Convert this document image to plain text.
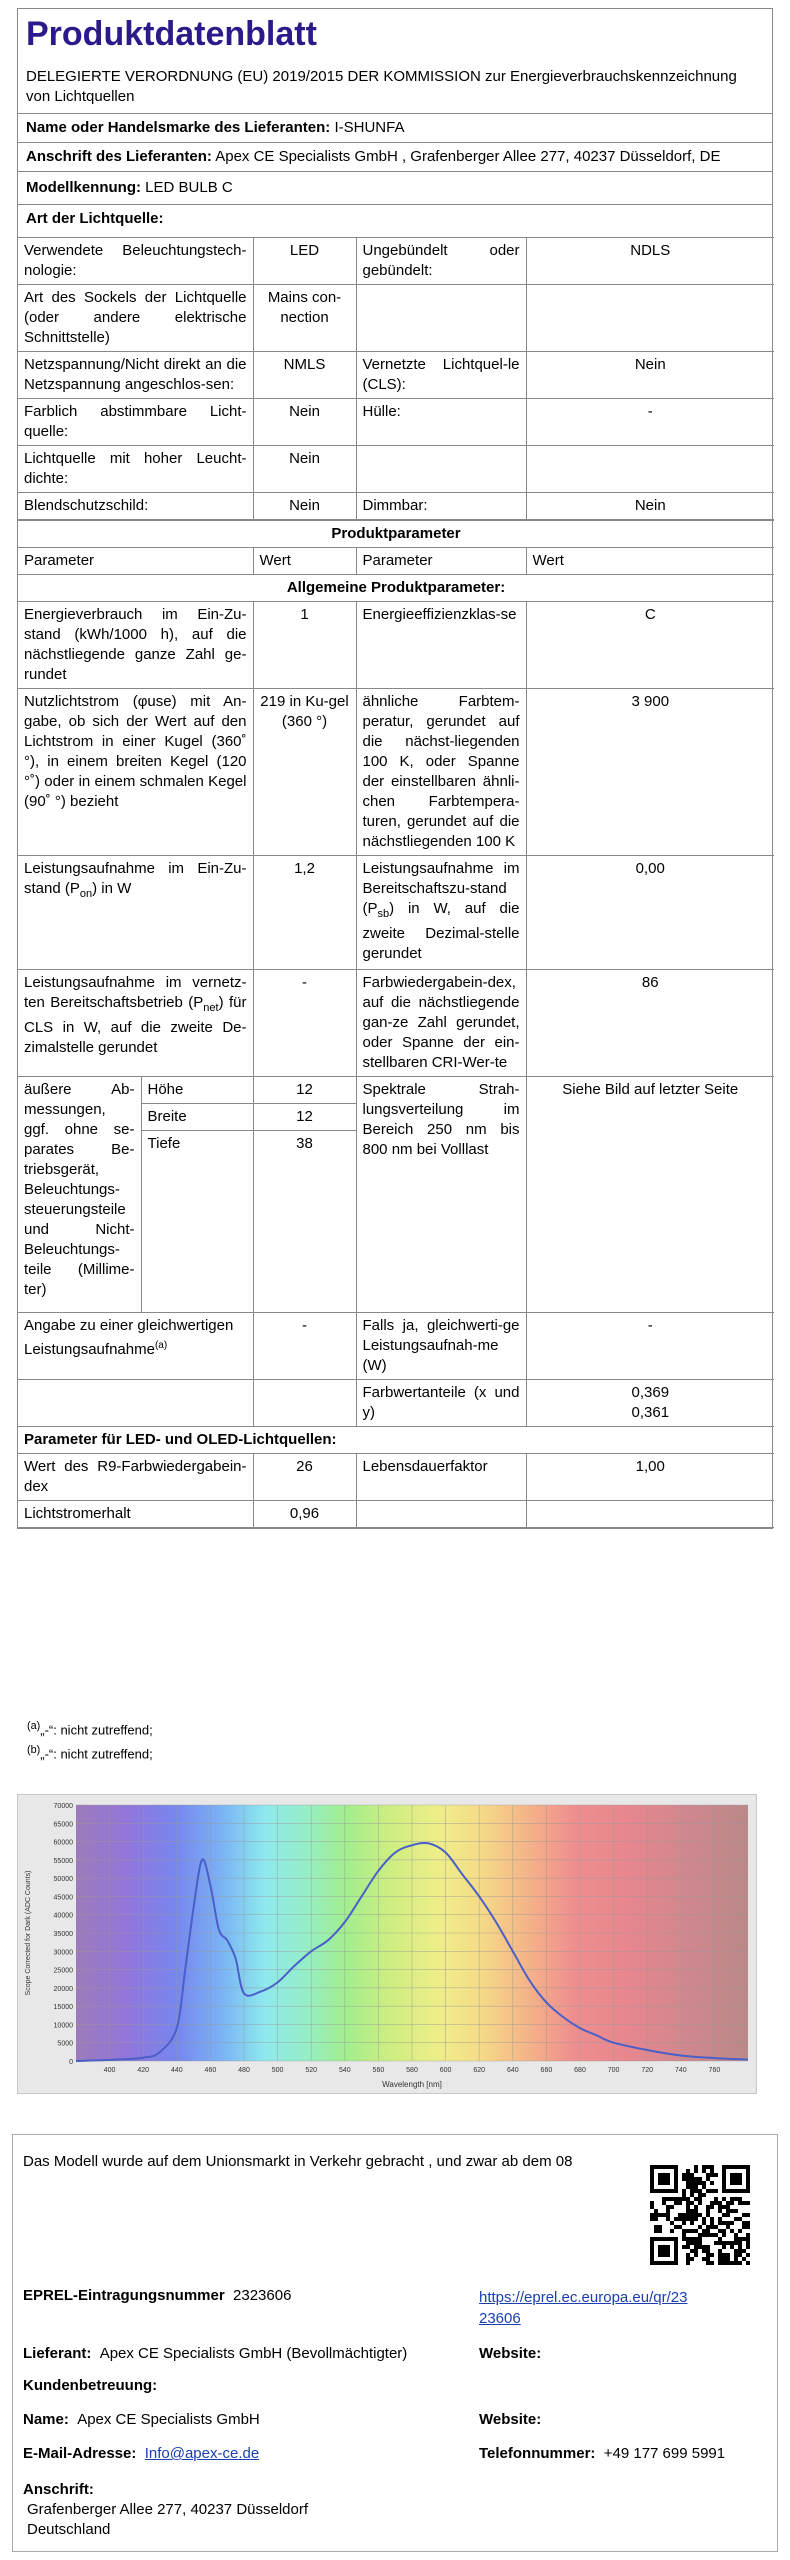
Produktdatenblatt
DELEGIERTE VERORDNUNG (EU) 2019/2015 DER KOMMISSION zur Energieverbrauchskennzeichnung von Lichtquellen
Name oder Handelsmarke des Lieferanten: I-SHUNFA
Anschrift des Lieferanten: Apex CE Specialists GmbH , Grafenberger Allee 277, 40237 Düsseldorf, DE
Modellkennung: LED BULB C
Art der Lichtquelle:
Verwendete Beleuchtungstech-nologie:	LED	Ungebündelt oder gebündelt:	NDLS
Art des Sockels der Lichtquelle (oder andere elektrische Schnittstelle)	Mains con-nection		
Netzspannung/Nicht direkt an die Netzspannung angeschlos-sen:	NMLS	Vernetzte Lichtquel-le (CLS):	Nein
Farblich abstimmbare Licht-quelle:	Nein	Hülle:	-
Lichtquelle mit hoher Leucht-dichte:	Nein		
Blendschutzschild:	Nein	Dimmbar:	Nein
Produktparameter				
Parameter		Wert	Parameter	Wert
Allgemeine Produktparameter:				
Energieverbrauch im Ein-Zu-stand (kWh/1000 h), auf die nächstliegende ganze Zahl ge-rundet		1	Energieeffizienzklas-se	C
Nutzlichtstrom (φuse) mit An-gabe, ob sich der Wert auf den Lichtstrom in einer Kugel (360˚ °), in einem breiten Kegel (120 °˚) oder in einem schmalen Kegel (90˚ °) bezieht		219 in Ku-gel (360 °)	ähnliche Farbtem-peratur, gerundet auf die nächst-liegenden 100 K, oder Spanne der einstellbaren ähnli-chen Farbtempera-turen, gerundet auf die nächstliegenden 100 K	3 900
Leistungsaufnahme im Ein-Zu-stand $(P_{on})$ in W		1,2	Leistungsaufnahme im Bereitschaftszu-stand $(P_{sb})$ in W, auf die zweite Dezimal-stelle gerundet	0,00
Leistungsaufnahme im vernetz-ten Bereitschaftsbetrieb $(P_{net})$ für CLS in W, auf die zweite De-zimalstelle gerundet		-	Farbwiedergabein-dex, auf die nächstliegende gan-ze Zahl gerundet, oder Spanne der ein-stellbaren CRI-Wer-te	86
äußere Ab-messungen, ggf. ohne se-parates Be-triebsgerät, Beleuchtungs-steuerungsteile und Nicht-Beleuchtungs-teile (Millime-ter)	Höhe	12	Spektrale Strah-lungsverteilung im Bereich 250 nm bis 800 nm bei Volllast	Siehe Bild auf letzter Seite
	Breite	12		
	Tiefe	38		
Angabe zu einer gleichwertigen Leistungsaufnahme$^{(a)}$		-	Falls ja, gleichwerti-ge Leistungsaufnah-me (W)	-
			Farbwertanteile (x und y)	0,369
0,361

Parameter für LED- und OLED-Lichtquellen:				
Wert des R9-Farbwiedergabein-dex		26	Lebensdauerfaktor	1,00
Lichtstromerhalt		0,96		
$^{(a)}$„-“: nicht zutreffend;
$^{(b)}$„-“: nicht zutreffend;
0
5000
10000
15000
20000
25000
30000
35000
40000
45000
50000
55000
60000
65000
70000
400	420	440	460	480	500	520	540	560	580	600	620	640	660	680	700	720	740	760
Wavelength [nm]
Scope Corrected for Dark (ADC Counts)
Das Modell wurde auf dem Unionsmarkt in Verkehr gebracht , und zwar ab dem 08
EPREL-Eintragungsnummer 2323606	https://eprel.ec.europa.eu/qr/23
23606
Lieferant: Apex CE Specialists GmbH (Bevollmächtigter)	Website:
Kundenbetreuung:
Name: Apex CE Specialists GmbH	Website:
E-Mail-Adresse: Info@apex-ce.de	Telefonnummer: +49 177 699 5991
Anschrift:
Grafenberger Allee 277, 40237 Düsseldorf
Deutschland
